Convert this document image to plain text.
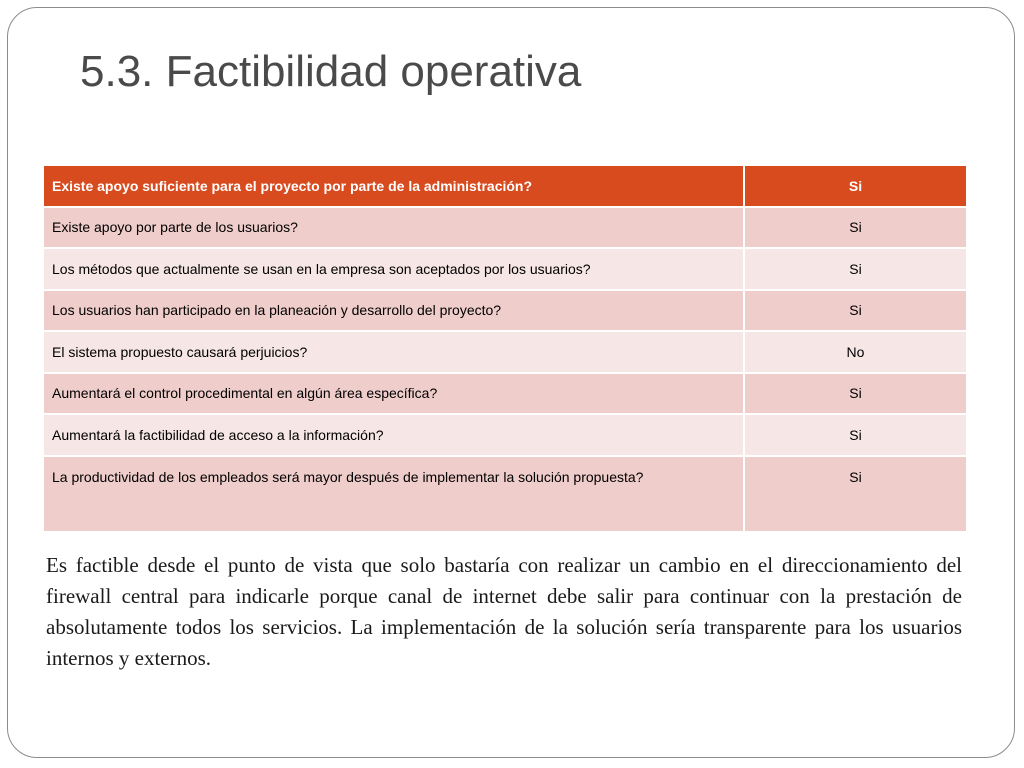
5.3. Factibilidad operativa
Existe apoyo suficiente para el proyecto por parte de la administración?	Si
Existe apoyo por parte de los usuarios?	Si
Los métodos que actualmente se usan en la empresa son aceptados por los usuarios?	Si
Los usuarios han participado en la planeación y desarrollo del proyecto?	Si
El sistema propuesto causará perjuicios?	No
Aumentará el control procedimental en algún área específica?	Si
Aumentará la factibilidad de acceso a la información?	Si
La productividad de los empleados será mayor después de implementar la solución propuesta?	Si

Es factible desde el punto de vista que solo bastaría con realizar un cambio en el direccionamiento del firewall central para indicarle porque canal de internet debe salir para continuar con la prestación de absolutamente todos los servicios. La implementación de la solución sería transparente para los usuarios internos y externos.
